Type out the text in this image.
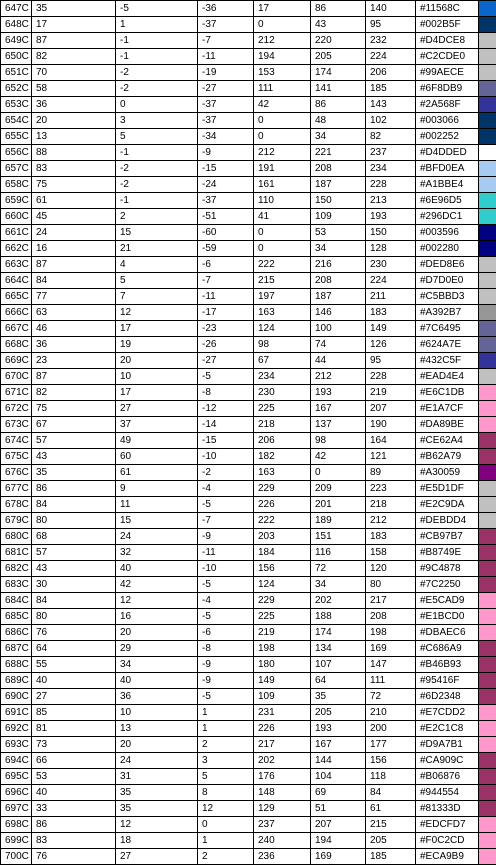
647C	35	-5	-36	17	86	140	#11568C	

648C	17	1	-37	0	43	95	#002B5F	

649C	87	-1	-7	212	220	232	#D4DCE8	

650C	82	-1	-11	194	205	224	#C2CDE0	

651C	70	-2	-19	153	174	206	#99AECE	

652C	58	-2	-27	111	141	185	#6F8DB9	

653C	36	0	-37	42	86	143	#2A568F	

654C	20	3	-37	0	48	102	#003066	

655C	13	5	-34	0	34	82	#002252	

656C	88	-1	-9	212	221	237	#D4DDED	

657C	83	-2	-15	191	208	234	#BFD0EA	

658C	75	-2	-24	161	187	228	#A1BBE4	

659C	61	-1	-37	110	150	213	#6E96D5	

660C	45	2	-51	41	109	193	#296DC1	

661C	24	15	-60	0	53	150	#003596	

662C	16	21	-59	0	34	128	#002280	

663C	87	4	-6	222	216	230	#DED8E6	

664C	84	5	-7	215	208	224	#D7D0E0	

665C	77	7	-11	197	187	211	#C5BBD3	

666C	63	12	-17	163	146	183	#A392B7	

667C	46	17	-23	124	100	149	#7C6495	

668C	36	19	-26	98	74	126	#624A7E	

669C	23	20	-27	67	44	95	#432C5F	

670C	87	10	-5	234	212	228	#EAD4E4	

671C	82	17	-8	230	193	219	#E6C1DB	

672C	75	27	-12	225	167	207	#E1A7CF	

673C	67	37	-14	218	137	190	#DA89BE	

674C	57	49	-15	206	98	164	#CE62A4	

675C	43	60	-10	182	42	121	#B62A79	

676C	35	61	-2	163	0	89	#A30059	

677C	86	9	-4	229	209	223	#E5D1DF	

678C	84	11	-5	226	201	218	#E2C9DA	

679C	80	15	-7	222	189	212	#DEBDD4	

680C	68	24	-9	203	151	183	#CB97B7	

681C	57	32	-11	184	116	158	#B8749E	

682C	43	40	-10	156	72	120	#9C4878	

683C	30	42	-5	124	34	80	#7C2250	

684C	84	12	-4	229	202	217	#E5CAD9	

685C	80	16	-5	225	188	208	#E1BCD0	

686C	76	20	-6	219	174	198	#DBAEC6	

687C	64	29	-8	198	134	169	#C686A9	

688C	55	34	-9	180	107	147	#B46B93	

689C	40	40	-9	149	64	111	#95416F	

690C	27	36	-5	109	35	72	#6D2348	

691C	85	10	1	231	205	210	#E7CDD2	

692C	81	13	1	226	193	200	#E2C1C8	

693C	73	20	2	217	167	177	#D9A7B1	

694C	66	24	3	202	144	156	#CA909C	

695C	53	31	5	176	104	118	#B06876	

696C	40	35	8	148	69	84	#944554	

697C	33	35	12	129	51	61	#81333D	

698C	86	12	0	237	207	215	#EDCFD7	

699C	83	18	1	240	194	205	#F0C2CD	

700C	76	27	2	236	169	185	#ECA9B9	
